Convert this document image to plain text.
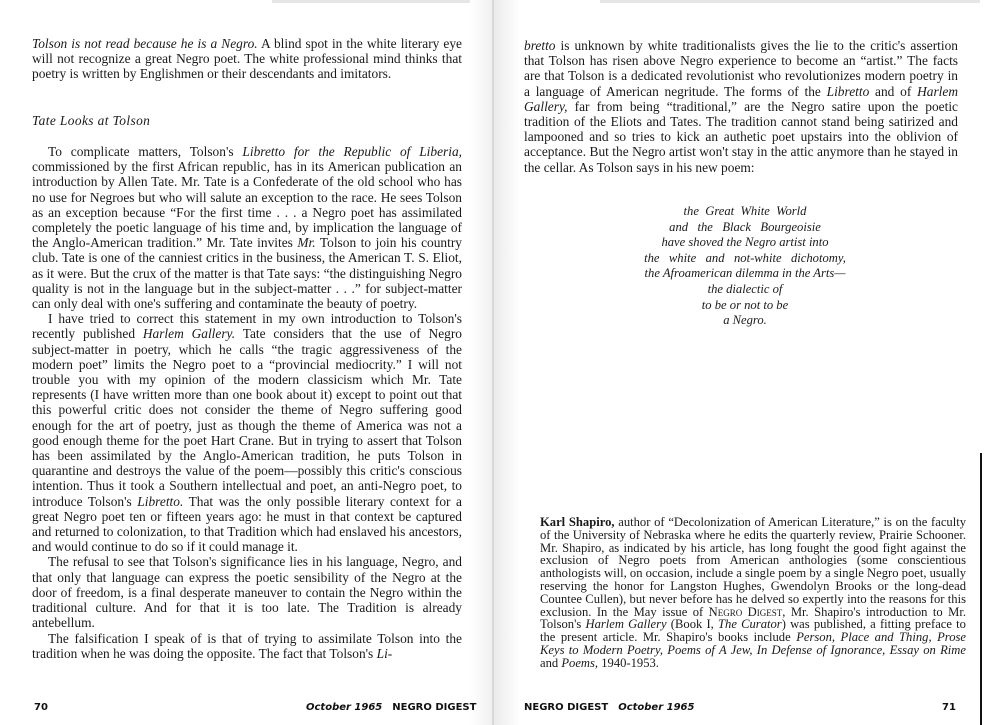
Tolson is not read because he is a Negro. A blind spot in the white literary eye will not recognize a great Negro poet. The white professional mind thinks that poetry is written by Englishmen or their descendants and imitators.

Tate Looks at Tolson

To complicate matters, Tolson's Libretto for the Republic of Liberia, commissioned by the first African republic, has in its American publication an introduction by Allen Tate. Mr. Tate is a Confederate of the old school who has no use for Negroes but who will salute an exception to the race. He sees Tolson as an exception because “For the first time . . . a Negro poet has assimilated completely the poetic language of his time and, by implication the language of the Anglo-American tradition.” Mr. Tate invites Mr. Tolson to join his country club. Tate is one of the canniest critics in the business, the American T. S. Eliot, as it were. But the crux of the matter is that Tate says: “the distinguishing Negro quality is not in the language but in the subject-matter . . .” for subject-matter can only deal with one's suffering and contaminate the beauty of poetry.

I have tried to correct this statement in my own introduction to Tolson's recently published Harlem Gallery. Tate considers that the use of Negro subject-matter in poetry, which he calls “the tragic aggressiveness of the modern poet” limits the Negro poet to a “provincial mediocrity.” I will not trouble you with my opinion of the modern classicism which Mr. Tate represents (I have written more than one book about it) except to point out that this powerful critic does not consider the theme of Negro suffering good enough for the art of poetry, just as though the theme of America was not a good enough theme for the poet Hart Crane. But in trying to assert that Tolson has been assimilated by the Anglo-American tradition, he puts Tolson in quarantine and destroys the value of the poem—possibly this critic's conscious intention. Thus it took a Southern intellectual and poet, an anti-Negro poet, to introduce Tolson's Libretto. That was the only possible literary context for a great Negro poet ten or fifteen years ago: he must in that context be captured and returned to colonization, to that Tradition which had enslaved his ancestors, and would continue to do so if it could manage it.

The refusal to see that Tolson's significance lies in his language, Negro, and that only that language can express the poetic sensibility of the Negro at the door of freedom, is a final desperate maneuver to contain the Negro within the traditional culture. And for that it is too late. The Tradition is already antebellum.

The falsification I speak of is that of trying to assimilate Tolson into the tradition when he was doing the opposite. The fact that Tolson's Li-

70	October 1965 NEGRO DIGEST

bretto is unknown by white traditionalists gives the lie to the critic's assertion that Tolson has risen above Negro experience to become an “artist.” The facts are that Tolson is a dedicated revolutionist who revolutionizes modern poetry in a language of American negritude. The forms of the Libretto and of Harlem Gallery, far from being “traditional,” are the Negro satire upon the poetic tradition of the Eliots and Tates. The tradition cannot stand being satirized and lampooned and so tries to kick an authetic poet upstairs into the oblivion of acceptance. But the Negro artist won't stay in the attic anymore than he stayed in the cellar. As Tolson says in his new poem:

the  Great  White  World
and   the   Black   Bourgeoisie
have shoved the Negro artist into
the   white   and   not-white   dichotomy,
the Afroamerican dilemma in the Arts—
the dialectic of
to be or not to be
a Negro.
Karl Shapiro, author of “Decolonization of American Literature,” is on the faculty of the University of Nebraska where he edits the quarterly review, Prairie Schooner. Mr. Shapiro, as indicated by his article, has long fought the good fight against the exclusion of Negro poets from American anthologies (some conscientious anthologists will, on occasion, include a single poem by a single Negro poet, usually reserving the honor for Langston Hughes, Gwendolyn Brooks or the long-dead Countee Cullen), but never before has he delved so expertly into the reasons for this exclusion. In the May issue of Negro Digest, Mr. Shapiro's introduction to Mr. Tolson's Harlem Gallery (Book I, The Curator) was published, a fitting preface to the present article. Mr. Shapiro's books include Person, Place and Thing, Prose Keys to Modern Poetry, Poems of A Jew, In Defense of Ignorance, Essay on Rime and Poems, 1940-1953.
NEGRO DIGEST October 1965	71
